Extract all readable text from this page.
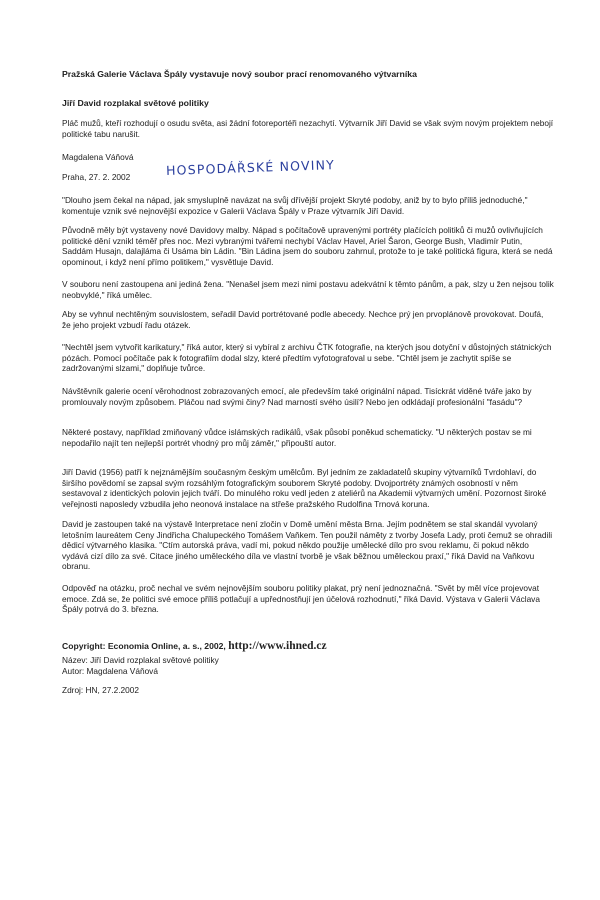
Pražská Galerie Václava Špály vystavuje nový soubor prací renomovaného výtvarníka
Jiří David rozplakal světové politiky
Pláč mužů, kteří rozhodují o osudu světa, asi žádní fotoreportéři nezachytí. Výtvarník Jiří David se však svým novým projektem nebojí politické tabu narušit.
Magdalena Váňová
Praha, 27. 2. 2002	HOSPODÁŘSKÉ NOVINY
"Dlouho jsem čekal na nápad, jak smysluplně navázat na svůj dřívější projekt Skryté podoby, aniž by to bylo příliš jednoduché," komentuje vznik své nejnovější expozice v Galerii Václava Špály v Praze výtvarník Jiří David.
Původně měly být vystaveny nové Davidovy malby. Nápad s počítačově upravenými portréty plačících politiků či mužů ovlivňujících politické dění vznikl téměř přes noc. Mezi vybranými tvářemi nechybí Václav Havel, Ariel Šaron, George Bush, Vladimír Putin, Saddám Husajn, dalajláma či Usáma bin Ládin. "Bin Ládina jsem do souboru zahrnul, protože to je také politická figura, která se nedá opominout, i když není přímo politikem," vysvětluje David.
V souboru není zastoupena ani jediná žena. "Nenašel jsem mezi nimi postavu adekvátní k těmto pánům, a pak, slzy u žen nejsou tolik neobvyklé," říká umělec.
Aby se vyhnul nechtěným souvislostem, seřadil David portrétované podle abecedy. Nechce prý jen prvoplánově provokovat. Doufá, že jeho projekt vzbudí řadu otázek.
"Nechtěl jsem vytvořit karikatury," říká autor, který si vybíral z archivu ČTK fotografie, na kterých jsou dotyční v důstojných státnických pózách. Pomocí počítače pak k fotografiím dodal slzy, které předtím vyfotografoval u sebe. "Chtěl jsem je zachytit spíše se zadržovanými slzami," doplňuje tvůrce.
Návštěvník galerie ocení věrohodnost zobrazovaných emocí, ale především také originální nápad. Tisíckrát viděné tváře jako by promlouvaly novým způsobem. Pláčou nad svými činy? Nad marností svého úsilí? Nebo jen odkládají profesionální "fasádu"?
Některé postavy, například zmiňovaný vůdce islámských radikálů, však působí poněkud schematicky. "U některých postav se mi nepodařilo najít ten nejlepší portrét vhodný pro můj záměr," připouští autor.
Jiří David (1956) patří k nejznámějším současným českým umělcům. Byl jedním ze zakladatelů skupiny výtvarníků Tvrdohlaví, do širšího povědomí se zapsal svým rozsáhlým fotografickým souborem Skryté podoby. Dvojportréty známých osobností v něm sestavoval z identických polovin jejich tváří. Do minulého roku vedl jeden z ateliérů na Akademii výtvarných umění. Pozornost široké veřejnosti naposledy vzbudila jeho neonová instalace na střeše pražského Rudolfina Trnová koruna.
David je zastoupen také na výstavě Interpretace není zločin v Domě umění města Brna. Jejím podnětem se stal skandál vyvolaný letošním laureátem Ceny Jindřicha Chalupeckého Tomášem Vaňkem. Ten použil náměty z tvorby Josefa Lady, proti čemuž se ohradili dědicí výtvarného klasika. "Ctím autorská práva, vadí mi, pokud někdo použije umělecké dílo pro svou reklamu, či pokud někdo vydává cizí dílo za své. Citace jiného uměleckého díla ve vlastní tvorbě je však běžnou uměleckou praxí," říká David na Vaňkovu obranu.
Odpověď na otázku, proč nechal ve svém nejnovějším souboru politiky plakat, prý není jednoznačná. "Svět by měl více projevovat emoce. Zdá se, že politici své emoce příliš potlačují a upřednostňují jen účelová rozhodnutí," říká David. Výstava v Galerii Václava Špály potrvá do 3. března.
Copyright: Economia Online, a. s., 2002, http://www.ihned.cz
Název: Jiří David rozplakal světové politiky
Autor: Magdalena Váňová
Zdroj: HN, 27.2.2002
